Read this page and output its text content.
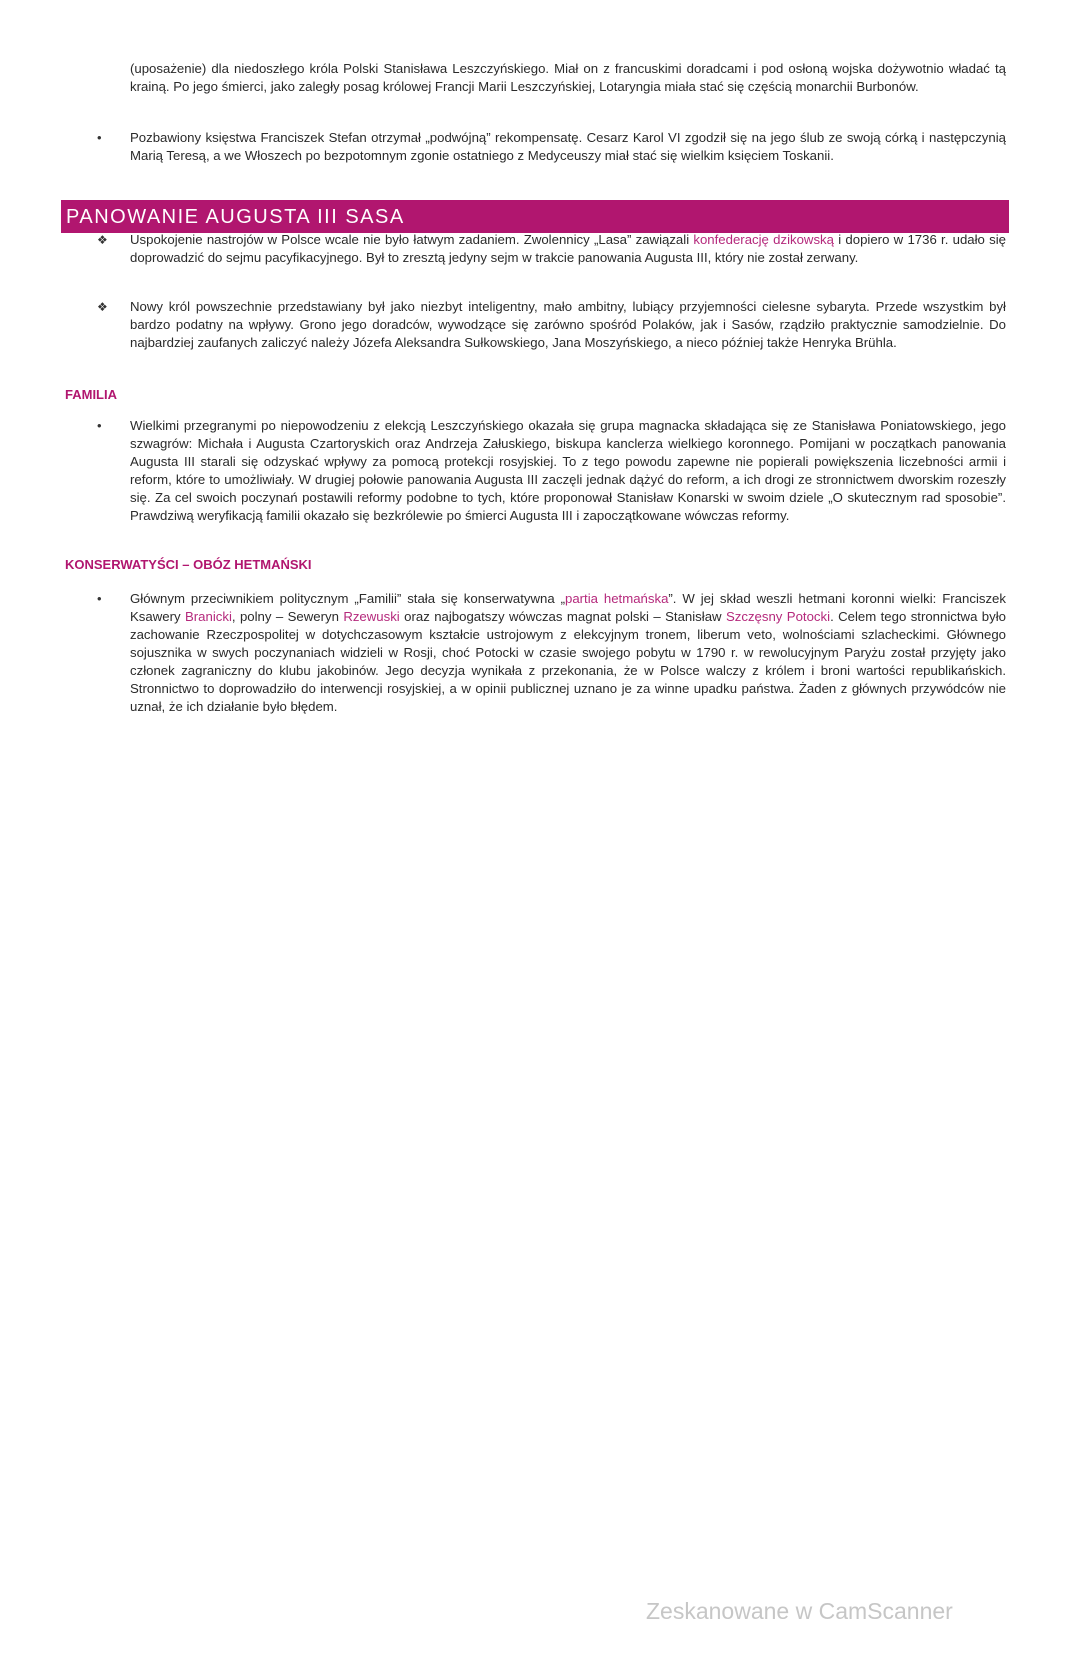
(uposażenie) dla niedoszłego króla Polski Stanisława Leszczyńskiego. Miał on z francuskimi doradcami i pod osłoną wojska dożywotnio władać tą krainą. Po jego śmierci, jako zaległy posag królowej Francji Marii Leszczyńskiej, Lotaryngia miała stać się częścią monarchii Burbonów.
• Pozbawiony księstwa Franciszek Stefan otrzymał „podwójną” rekompensatę. Cesarz Karol VI zgodził się na jego ślub ze swoją córką i następczynią Marią Teresą, a we Włoszech po bezpotomnym zgonie ostatniego z Medyceuszy miał stać się wielkim księciem Toskanii.
PANOWANIE AUGUSTA III SASA
❖ Uspokojenie nastrojów w Polsce wcale nie było łatwym zadaniem. Zwolennicy „Lasa” zawiązali konfederację dzikowską i dopiero w 1736 r. udało się doprowadzić do sejmu pacyfikacyjnego. Był to zresztą jedyny sejm w trakcie panowania Augusta III, który nie został zerwany.
❖ Nowy król powszechnie przedstawiany był jako niezbyt inteligentny, mało ambitny, lubiący przyjemności cielesne sybaryta. Przede wszystkim był bardzo podatny na wpływy. Grono jego doradców, wywodzące się zarówno spośród Polaków, jak i Sasów, rządziło praktycznie samodzielnie. Do najbardziej zaufanych zaliczyć należy Józefa Aleksandra Sułkowskiego, Jana Moszyńskiego, a nieco później także Henryka Brühla.
FAMILIA
• Wielkimi przegranymi po niepowodzeniu z elekcją Leszczyńskiego okazała się grupa magnacka składająca się ze Stanisława Poniatowskiego, jego szwagrów: Michała i Augusta Czartoryskich oraz Andrzeja Załuskiego, biskupa kanclerza wielkiego koronnego. Pomijani w początkach panowania Augusta III starali się odzyskać wpływy za pomocą protekcji rosyjskiej. To z tego powodu zapewne nie popierali powiększenia liczebności armii i reform, które to umożliwiały. W drugiej połowie panowania Augusta III zaczęli jednak dążyć do reform, a ich drogi ze stronnictwem dworskim rozeszły się. Za cel swoich poczynań postawili reformy podobne to tych, które proponował Stanisław Konarski w swoim dziele „O skutecznym rad sposobie”. Prawdziwą weryfikacją familii okazało się bezkrólewie po śmierci Augusta III i zapoczątkowane wówczas reformy.
KONSERWATYŚCI – OBÓZ HETMAŃSKI
• Głównym przeciwnikiem politycznym „Familii” stała się konserwatywna „partia hetmańska”. W jej skład weszli hetmani koronni wielki: Franciszek Ksawery Branicki, polny – Seweryn Rzewuski oraz najbogatszy wówczas magnat polski – Stanisław Szczęsny Potocki. Celem tego stronnictwa było zachowanie Rzeczpospolitej w dotychczasowym kształcie ustrojowym z elekcyjnym tronem, liberum veto, wolnościami szlacheckimi. Głównego sojusznika w swych poczynaniach widzieli w Rosji, choć Potocki w czasie swojego pobytu w 1790 r. w rewolucyjnym Paryżu został przyjęty jako członek zagraniczny do klubu jakobinów. Jego decyzja wynikała z przekonania, że w Polsce walczy z królem i broni wartości republikańskich. Stronnictwo to doprowadziło do interwencji rosyjskiej, a w opinii publicznej uznano je za winne upadku państwa. Żaden z głównych przywódców nie uznał, że ich działanie było błędem.
Zeskanowane w CamScanner
